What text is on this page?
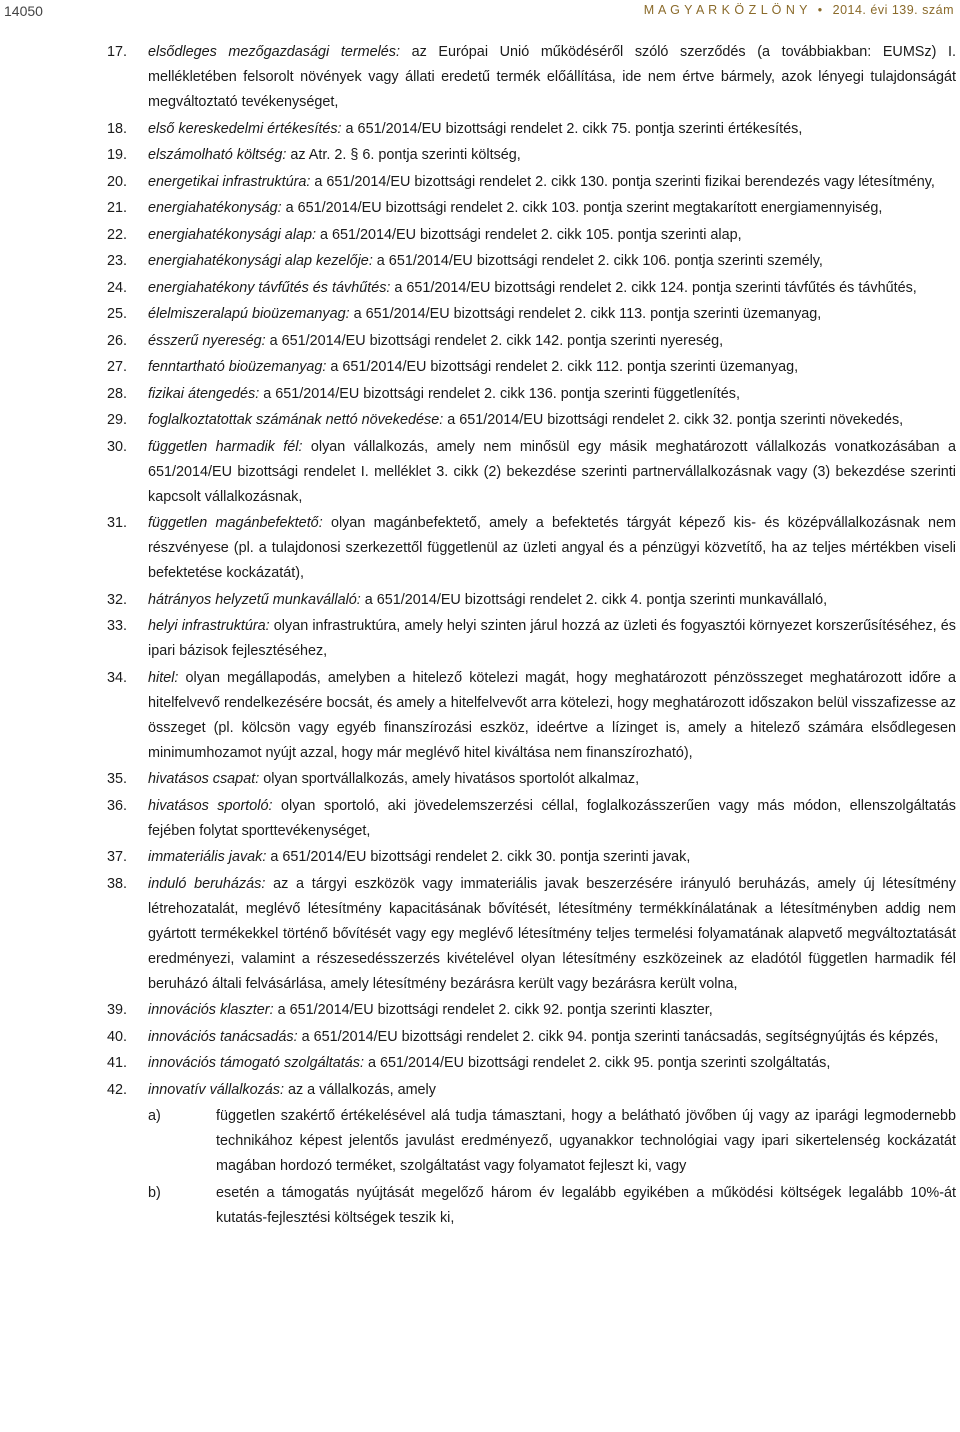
14050	M A G Y A R K Ö Z L Ö N Y • 2014. évi 139. szám
17. elsődleges mezőgazdasági termelés: az Európai Unió működéséről szóló szerződés (a továbbiakban: EUMSz) I. mellékletében felsorolt növények vagy állati eredetű termék előállítása, ide nem értve bármely, azok lényegi tulajdonságát megváltoztató tevékenységet,
18. első kereskedelmi értékesítés: a 651/2014/EU bizottsági rendelet 2. cikk 75. pontja szerinti értékesítés,
19. elszámolható költség: az Atr. 2. § 6. pontja szerinti költség,
20. energetikai infrastruktúra: a 651/2014/EU bizottsági rendelet 2. cikk 130. pontja szerinti fizikai berendezés vagy létesítmény,
21. energiahatékonyság: a 651/2014/EU bizottsági rendelet 2. cikk 103. pontja szerint megtakarított energiamennyiség,
22. energiahatékonysági alap: a 651/2014/EU bizottsági rendelet 2. cikk 105. pontja szerinti alap,
23. energiahatékonysági alap kezelője: a 651/2014/EU bizottsági rendelet 2. cikk 106. pontja szerinti személy,
24. energiahatékony távfűtés és távhűtés: a 651/2014/EU bizottsági rendelet 2. cikk 124. pontja szerinti távfűtés és távhűtés,
25. élelmiszeralapú bioüzemanyag: a 651/2014/EU bizottsági rendelet 2. cikk 113. pontja szerinti üzemanyag,
26. ésszerű nyereség: a 651/2014/EU bizottsági rendelet 2. cikk 142. pontja szerinti nyereség,
27. fenntartható bioüzemanyag: a 651/2014/EU bizottsági rendelet 2. cikk 112. pontja szerinti üzemanyag,
28. fizikai átengedés: a 651/2014/EU bizottsági rendelet 2. cikk 136. pontja szerinti függetlenítés,
29. foglalkoztatottak számának nettó növekedése: a 651/2014/EU bizottsági rendelet 2. cikk 32. pontja szerinti növekedés,
30. független harmadik fél: olyan vállalkozás, amely nem minősül egy másik meghatározott vállalkozás vonatkozásában a 651/2014/EU bizottsági rendelet I. melléklet 3. cikk (2) bekezdése szerinti partnervállalkozásnak vagy (3) bekezdése szerinti kapcsolt vállalkozásnak,
31. független magánbefektető: olyan magánbefektető, amely a befektetés tárgyát képező kis- és középvállalkozásnak nem részvényese (pl. a tulajdonosi szerkezettől függetlenül az üzleti angyal és a pénzügyi közvetítő, ha az teljes mértékben viseli befektetése kockázatát),
32. hátrányos helyzetű munkavállaló: a 651/2014/EU bizottsági rendelet 2. cikk 4. pontja szerinti munkavállaló,
33. helyi infrastruktúra: olyan infrastruktúra, amely helyi szinten járul hozzá az üzleti és fogyasztói környezet korszerűsítéséhez, és ipari bázisok fejlesztéséhez,
34. hitel: olyan megállapodás, amelyben a hitelező kötelezi magát, hogy meghatározott pénzösszeget meghatározott időre a hitelfelvevő rendelkezésére bocsát, és amely a hitelfelvevőt arra kötelezi, hogy meghatározott időszakon belül visszafizesse az összeget (pl. kölcsön vagy egyéb finanszírozási eszköz, ideértve a lízinget is, amely a hitelező számára elsődlegesen minimumhozamot nyújt azzal, hogy már meglévő hitel kiváltása nem finanszírozható),
35. hivatásos csapat: olyan sportvállalkozás, amely hivatásos sportolót alkalmaz,
36. hivatásos sportoló: olyan sportoló, aki jövedelemszerzési céllal, foglalkozásszerűen vagy más módon, ellenszolgáltatás fejében folytat sporttevékenységet,
37. immateriális javak: a 651/2014/EU bizottsági rendelet 2. cikk 30. pontja szerinti javak,
38. induló beruházás: az a tárgyi eszközök vagy immateriális javak beszerzésére irányuló beruházás, amely új létesítmény létrehozatalát, meglévő létesítmény kapacitásának bővítését, létesítmény termékkínálatának a létesítményben addig nem gyártott termékekkel történő bővítését vagy egy meglévő létesítmény teljes termelési folyamatának alapvető megváltoztatását eredményezi, valamint a részesedésszerzés kivételével olyan létesítmény eszközeinek az eladótól független harmadik fél beruházó általi felvásárlása, amely létesítmény bezárásra került vagy bezárásra került volna,
39. innovációs klaszter: a 651/2014/EU bizottsági rendelet 2. cikk 92. pontja szerinti klaszter,
40. innovációs tanácsadás: a 651/2014/EU bizottsági rendelet 2. cikk 94. pontja szerinti tanácsadás, segítségnyújtás és képzés,
41. innovációs támogató szolgáltatás: a 651/2014/EU bizottsági rendelet 2. cikk 95. pontja szerinti szolgáltatás,
42. innovatív vállalkozás: az a vállalkozás, amely
a)	független szakértő értékelésével alá tudja támasztani, hogy a belátható jövőben új vagy az iparági legmodernebb technikához képest jelentős javulást eredményező, ugyanakkor technológiai vagy ipari sikertelenség kockázatát magában hordozó terméket, szolgáltatást vagy folyamatot fejleszt ki, vagy
b)	esetén a támogatás nyújtását megelőző három év legalább egyikében a működési költségek legalább 10%-át kutatás-fejlesztési költségek teszik ki,
